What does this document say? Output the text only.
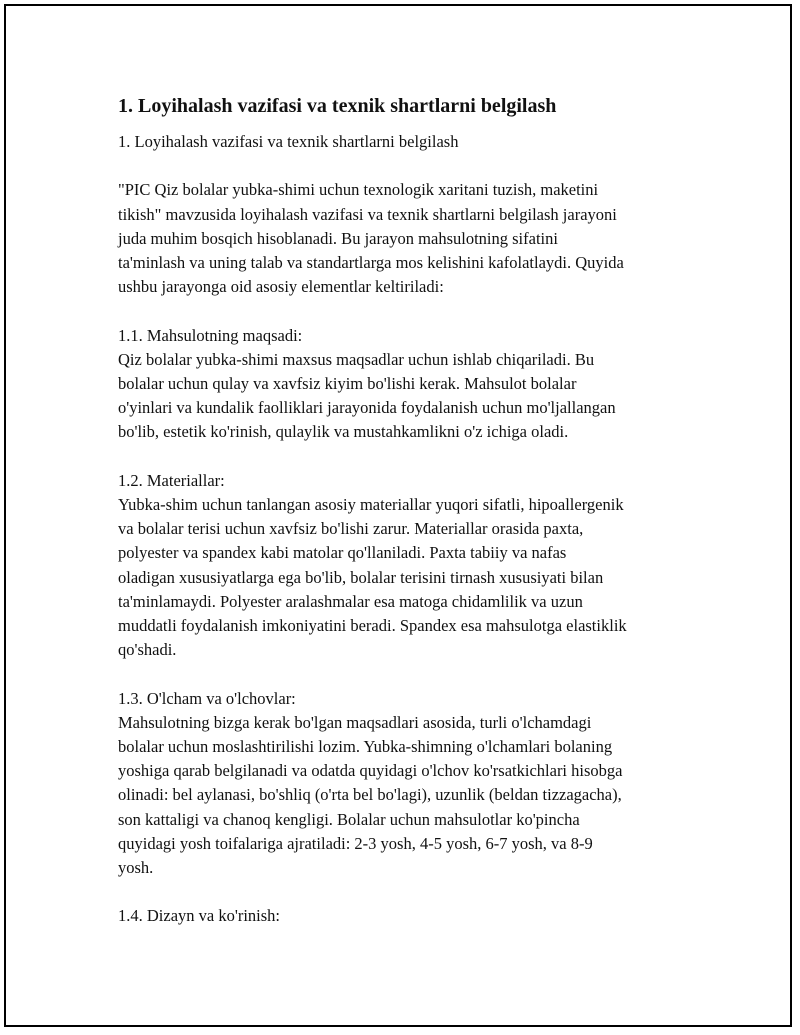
1. Loyihalash vazifasi va texnik shartlarni belgilash

1. Loyihalash vazifasi va texnik shartlarni belgilash

"PIC Qiz bolalar yubka-shimi uchun texnologik xaritani tuzish, maketini
tikish" mavzusida loyihalash vazifasi va texnik shartlarni belgilash jarayoni
juda muhim bosqich hisoblanadi. Bu jarayon mahsulotning sifatini
ta'minlash va uning talab va standartlarga mos kelishini kafolatlaydi. Quyida
ushbu jarayonga oid asosiy elementlar keltiriladi:

1.1. Mahsulotning maqsadi:
Qiz bolalar yubka-shimi maxsus maqsadlar uchun ishlab chiqariladi. Bu
bolalar uchun qulay va xavfsiz kiyim bo'lishi kerak. Mahsulot bolalar
o'yinlari va kundalik faolliklari jarayonida foydalanish uchun mo'ljallangan
bo'lib, estetik ko'rinish, qulaylik va mustahkamlikni o'z ichiga oladi.

1.2. Materiallar:
Yubka-shim uchun tanlangan asosiy materiallar yuqori sifatli, hipoallergenik
va bolalar terisi uchun xavfsiz bo'lishi zarur. Materiallar orasida paxta,
polyester va spandex kabi matolar qo'llaniladi. Paxta tabiiy va nafas
oladigan xususiyatlarga ega bo'lib, bolalar terisini tirnash xususiyati bilan
ta'minlamaydi. Polyester aralashmalar esa matoga chidamlilik va uzun
muddatli foydalanish imkoniyatini beradi. Spandex esa mahsulotga elastiklik
qo'shadi.

1.3. O'lcham va o'lchovlar:
Mahsulotning bizga kerak bo'lgan maqsadlari asosida, turli o'lchamdagi
bolalar uchun moslashtirilishi lozim. Yubka-shimning o'lchamlari bolaning
yoshiga qarab belgilanadi va odatda quyidagi o'lchov ko'rsatkichlari hisobga
olinadi: bel aylanasi, bo'shliq (o'rta bel bo'lagi), uzunlik (beldan tizzagacha),
son kattaligi va chanoq kengligi. Bolalar uchun mahsulotlar ko'pincha
quyidagi yosh toifalariga ajratiladi: 2-3 yosh, 4-5 yosh, 6-7 yosh, va 8-9
yosh.

1.4. Dizayn va ko'rinish:
